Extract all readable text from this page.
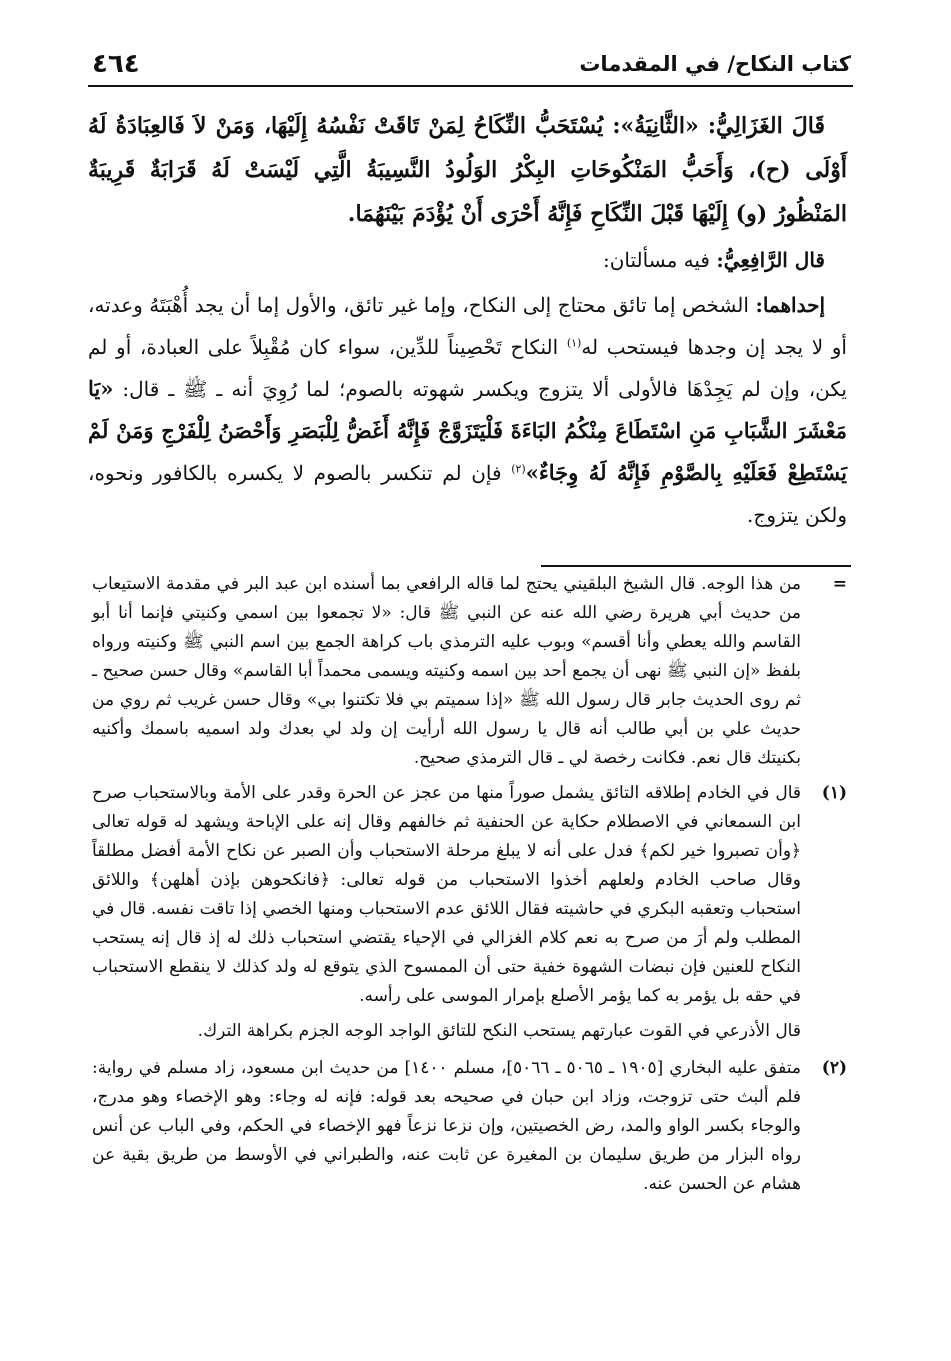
كتاب النكاح/ في المقدمات
٤٦٤

قَالَ الغَزَالِيُّ: «الثَّانِيَةُ»: يُسْتَحَبُّ النِّكَاحُ لِمَنْ تَاقَتْ نَفْسُهُ إِلَيْهَا، وَمَنْ لاَ فَالعِبَادَةُ لَهُ أَوْلَى (ح)، وَأَحَبُّ المَنْكُوحَاتِ البِكْرُ الوَلُودُ النَّسِيبَةُ الَّتِي لَيْسَتْ لَهُ قَرَابَةٌ قَرِيبَةٌ المَنْظُورُ (و) إِلَيْهَا قَبْلَ النِّكَاحِ فَإِنَّهُ أَحْرَى أَنْ يُؤْدَمَ بَيْنَهُمَا.

قال الرَّافِعِيُّ: فيه مسألتان:

إحداهما: الشخص إما تائق محتاج إلى النكاح، وإما غير تائق، والأول إما أن يجد أُهْبَتَهُ وعدته، أو لا يجد إن وجدها فيستحب له$^{(١)}$ النكاح تَحْصِيناً للدِّين، سواء كان مُقْبِلاً على العبادة، أو لم يكن، وإن لم يَجِدْهَا فالأولى ألا يتزوج ويكسر شهوته بالصوم؛ لما رُوِيَ أنه ـ ﷺ ـ قال: «يَا مَعْشَرَ الشَّبَابِ مَنِ اسْتَطَاعَ مِنْكُمُ البَاءَةَ فَلْيَتَزَوَّجْ فَإِنَّهُ أَغَضُّ لِلْبَصَرِ وَأَحْصَنُ لِلْفَرْجِ وَمَنْ لَمْ يَسْتَطِعْ فَعَلَيْهِ بِالصَّوْمِ فَإِنَّهُ لَهُ وِجَاءٌ»$^{(٢)}$ فإن لم تنكسر بالصوم لا يكسره بالكافور ونحوه، ولكن يتزوج.

=

من هذا الوجه. قال الشيخ البلقيني يحتج لما قاله الرافعي بما أسنده ابن عبد البر في مقدمة الاستيعاب من حديث أبي هريرة رضي الله عنه عن النبي ﷺ قال: «لا تجمعوا بين اسمي وكنيتي فإنما أنا أبو القاسم والله يعطي وأنا أقسم» وبوب عليه الترمذي باب كراهة الجمع بين اسم النبي ﷺ وكنيته ورواه بلفظ «إن النبي ﷺ نهى أن يجمع أحد بين اسمه وكنيته ويسمى محمداً أبا القاسم» وقال حسن صحيح ـ ثم روى الحديث جابر قال رسول الله ﷺ «إذا سميتم بي فلا تكتنوا بي» وقال حسن غريب ثم روي من حديث علي بن أبي طالب أنه قال يا رسول الله أرأيت إن ولد لي بعدك ولد اسميه باسمك وأكنيه بكنيتك قال نعم. فكانت رخصة لي ـ قال الترمذي صحيح.

(١)

قال في الخادم إطلاقه التائق يشمل صوراً منها من عجز عن الحرة وقدر على الأمة وبالاستحباب صرح ابن السمعاني في الاصطلام حكاية عن الحنفية ثم خالفهم وقال إنه على الإباحة ويشهد له قوله تعالى ﴿وأن تصبروا خير لكم﴾ فدل على أنه لا يبلغ مرحلة الاستحباب وأن الصبر عن نكاح الأمة أفضل مطلقاً وقال صاحب الخادم ولعلهم أخذوا الاستحباب من قوله تعالى: ﴿فانكحوهن بإذن أهلهن﴾ واللائق استحباب وتعقبه البكري في حاشيته فقال اللائق عدم الاستحباب ومنها الخصي إذا تاقت نفسه. قال في المطلب ولم أرَ من صرح به نعم كلام الغزالي في الإحياء يقتضي استحباب ذلك له إذ قال إنه يستحب النكاح للعنين فإن نبضات الشهوة خفية حتى أن الممسوح الذي يتوقع له ولد كذلك لا ينقطع الاستحباب في حقه بل يؤمر به كما يؤمر الأصلع بإمرار الموسى على رأسه.

قال الأذرعي في القوت عبارتهم يستحب النكح للتائق الواجد الوجه الجزم بكراهة الترك.

(٢)

متفق عليه البخاري [١٩٠٥ ـ ٥٠٦٥ ـ ٥٠٦٦]، مسلم ١٤٠٠] من حديث ابن مسعود، زاد مسلم في رواية: فلم ألبث حتى تزوجت، وزاد ابن حبان في صحيحه بعد قوله: فإنه له وجاء: وهو الإخصاء وهو مدرج، والوجاء بكسر الواو والمد، رض الخصيتين، وإن نزعا نزعاً فهو الإخصاء في الحكم، وفي الباب عن أنس رواه البزار من طريق سليمان بن المغيرة عن ثابت عنه، والطبراني في الأوسط من طريق بقية عن هشام عن الحسن عنه.
